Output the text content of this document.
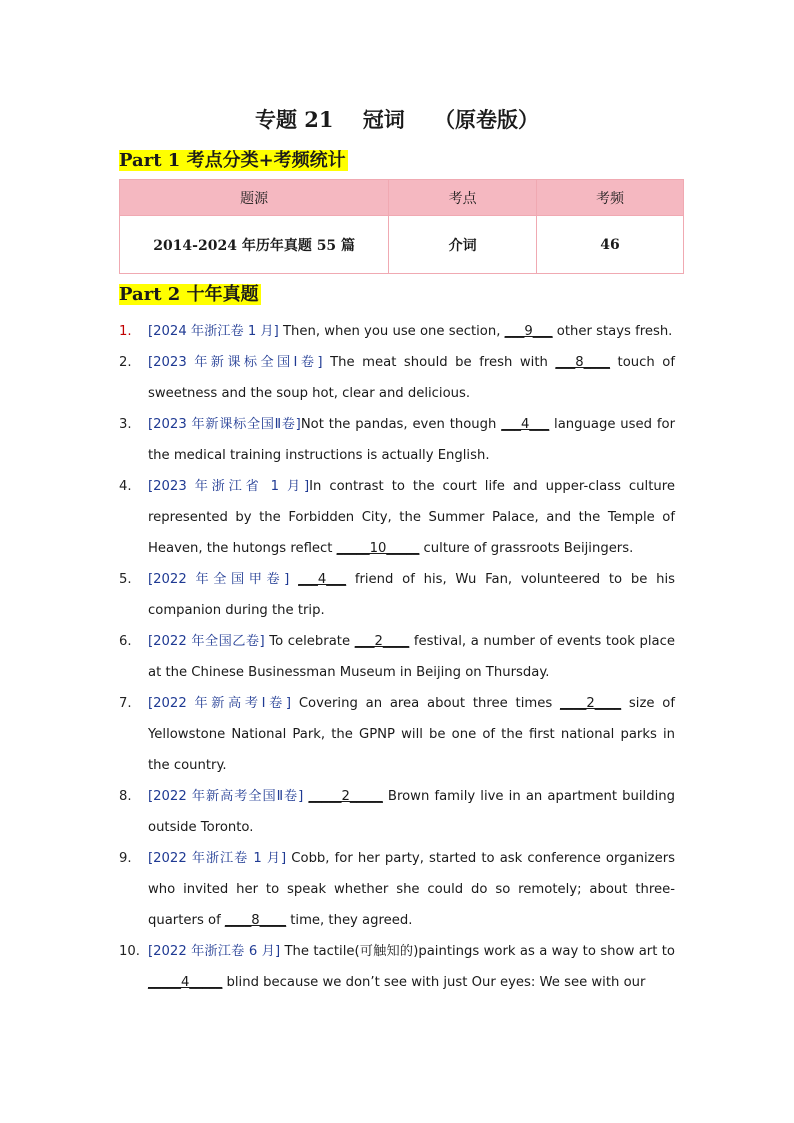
专题 21    冠词    （原卷版）
Part 1 考点分类+考频统计
题源	考点	考频
2014-2024 年历年真题 55 篇	介词	46
Part 2 十年真题
1.	[2024 年浙江卷 1 月] Then, when you use one section, ___9___ other stays fresh.
2.	[2023 年新课标全国Ⅰ卷] The meat should be fresh with ___8____ touch of sweetness and the soup hot, clear and delicious.
3.	[2023 年新课标全国Ⅱ卷]Not the pandas, even though ___4___ language used for the medical training instructions is actually English.
4.	[2023 年浙江省 1 月]In contrast to the court life and upper-class culture represented by the Forbidden City, the Summer Palace, and the Temple of Heaven, the hutongs reflect _____10_____ culture of grassroots Beijingers.
5.	[2022 年全国甲卷] ___4___ friend of his, Wu Fan, volunteered to be his companion during the trip.
6.	[2022 年全国乙卷] To celebrate ___2____ festival, a number of events took place at the Chinese Businessman Museum in Beijing on Thursday.
7.	[2022 年新高考Ⅰ卷] Covering an area about three times ____2____ size of Yellowstone National Park, the GPNP will be one of the first national parks in the country.
8.	[2022 年新高考全国Ⅱ卷] _____2_____ Brown family live in an apartment building outside Toronto.
9.	[2022 年浙江卷 1 月] Cobb, for her party, started to ask conference organizers who invited her to speak whether she could do so remotely; about three-quarters of ____8____ time, they agreed.
10. [2022 年浙江卷 6 月] The tactile(可触知的)paintings work as a way to show art to _____4_____ blind because we don’t see with just Our eyes: We see with our
